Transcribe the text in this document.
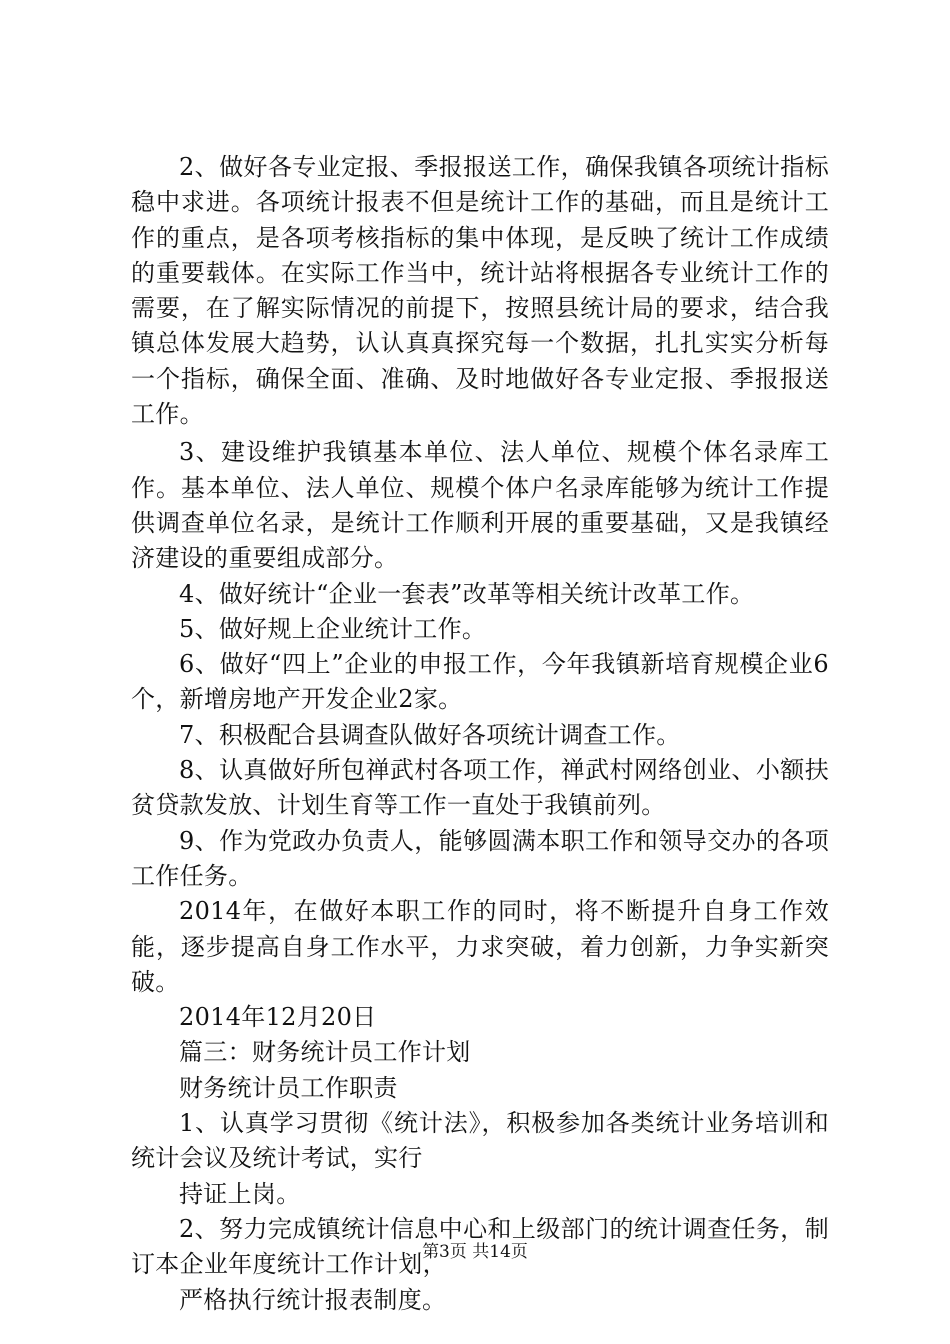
2、做好各专业定报、季报报送工作，确保我镇各项统计指标稳中求进。各项统计报表不但是统计工作的基础，而且是统计工作的重点，是各项考核指标的集中体现，是反映了统计工作成绩的重要载体。在实际工作当中，统计站将根据各专业统计工作的需要，在了解实际情况的前提下，按照县统计局的要求，结合我镇总体发展大趋势，认认真真探究每一个数据，扎扎实实分析每一个指标，确保全面、准确、及时地做好各专业定报、季报报送工作。

3、建设维护我镇基本单位、法人单位、规模个体名录库工作。基本单位、法人单位、规模个体户名录库能够为统计工作提供调查单位名录，是统计工作顺利开展的重要基础，又是我镇经济建设的重要组成部分。

4、做好统计“企业一套表”改革等相关统计改革工作。

5、做好规上企业统计工作。

6、做好“四上”企业的申报工作，今年我镇新培育规模企业6个，新增房地产开发企业2家。

7、积极配合县调查队做好各项统计调查工作。

8、认真做好所包禅武村各项工作，禅武村网络创业、小额扶贫贷款发放、计划生育等工作一直处于我镇前列。

9、作为党政办负责人，能够圆满本职工作和领导交办的各项工作任务。

2014年，在做好本职工作的同时，将不断提升自身工作效能，逐步提高自身工作水平，力求突破，着力创新，力争实新突破。

2014年12月20日

篇三：财务统计员工作计划

财务统计员工作职责

1、认真学习贯彻《统计法》，积极参加各类统计业务培训和统计会议及统计考试，实行

持证上岗。

2、努力完成镇统计信息中心和上级部门的统计调查任务，制订本企业年度统计工作计划，

严格执行统计报表制度。

第3页 共14页
